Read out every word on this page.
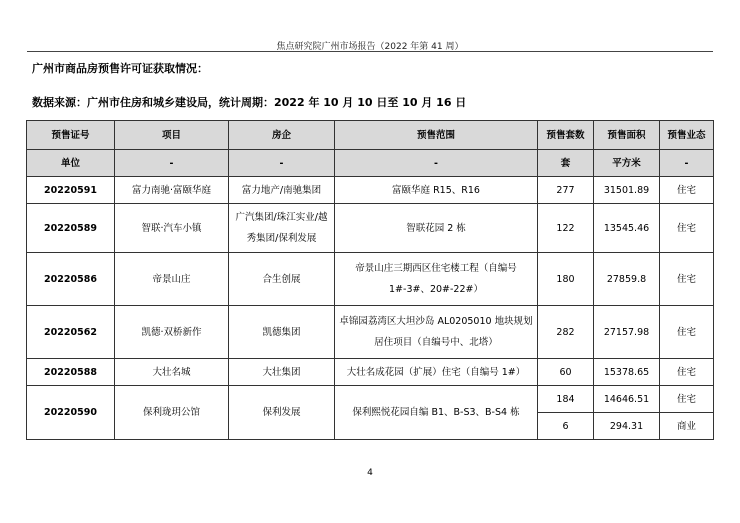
焦点研究院广州市场报告（2022 年第 41 周）
广州市商品房预售许可证获取情况：
数据来源：广州市住房和城乡建设局，统计周期：2022 年 10 月 10 日至 10 月 16 日
预售证号	项目	房企	预售范围	预售套数	预售面积	预售业态
单位	-	-	-	套	平方米	-
20220591	富力南驰·富颐华庭	富力地产/南驰集团	富颐华庭 R15、R16	277	31501.89	住宅
20220589	智联·汽车小镇	广汽集团/珠江实业/越秀集团/保利发展	智联花园 2 栋	122	13545.46	住宅
20220586	帝景山庄	合生创展	帝景山庄三期西区住宅楼工程（自编号 1#-3#、20#-22#）	180	27859.8	住宅
20220562	凯德·双桥新作	凯德集团	卓锦园荔湾区大坦沙岛 AL0205010 地块规划居住项目（自编号中、北塔）	282	27157.98	住宅
20220588	大壮名城	大壮集团	大壮名成花园（扩展）住宅（自编号 1#）	60	15378.65	住宅
20220590	保利珑玥公馆	保利发展	保利熙悦花园自编 B1、B-S3、B-S4 栋	184	14646.51	住宅
				6	294.31	商业
4
